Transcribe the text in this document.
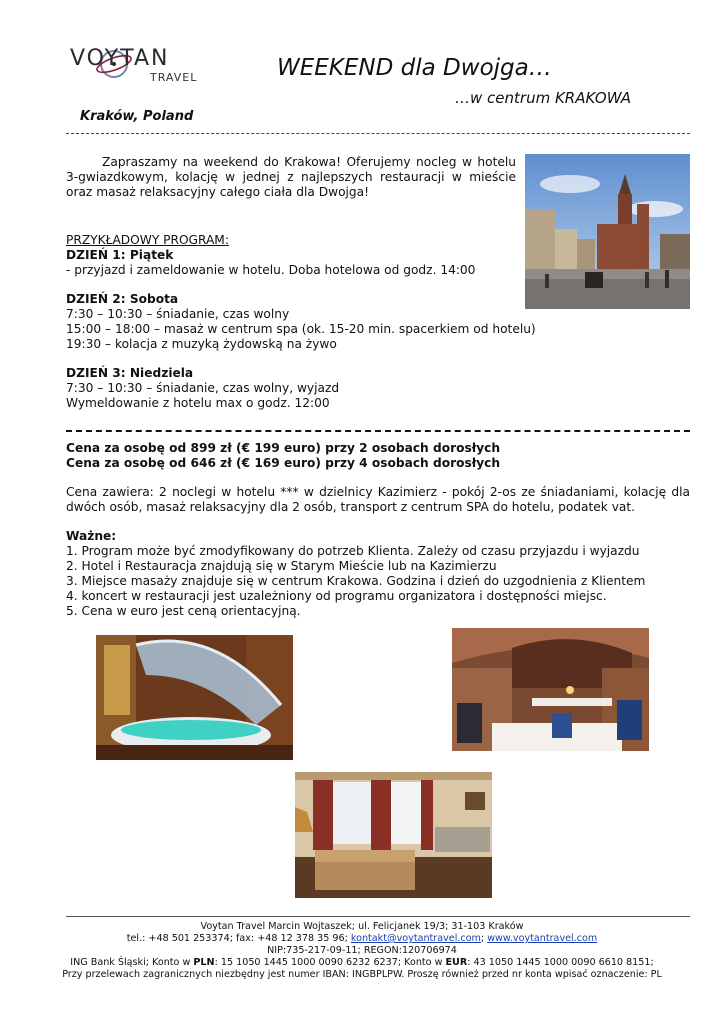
VOYTAN
TRAVEL	WEEKEND dla Dwojga…
…w centrum KRAKOWA
Kraków, Poland
Zapraszamy na weekend do Krakowa! Oferujemy nocleg w hotelu 3-gwiazdkowym, kolację w jednej z najlepszych restauracji w mieście oraz masaż relaksacyjny całego ciała dla Dwojga!
PRZYKŁADOWY PROGRAM:
DZIEŃ 1: Piątek
- przyjazd i zameldowanie w hotelu. Doba hotelowa od godz. 14:00
DZIEŃ 2: Sobota
7:30 – 10:30 – śniadanie, czas wolny
15:00 – 18:00 – masaż w centrum spa (ok. 15-20 min. spacerkiem od hotelu)
19:30 – kolacja z muzyką żydowską na żywo
DZIEŃ 3: Niedziela
7:30 – 10:30 – śniadanie, czas wolny, wyjazd
Wymeldowanie z hotelu max o godz. 12:00
Cena za osobę od 899 zł (€ 199 euro) przy 2 osobach dorosłych
Cena za osobę od 646 zł (€ 169 euro) przy 4 osobach dorosłych
Cena zawiera: 2 noclegi w hotelu *** w dzielnicy Kazimierz - pokój 2-os ze śniadaniami, kolację dla dwóch osób, masaż relaksacyjny dla 2 osób, transport z centrum SPA do hotelu, podatek vat.
Ważne:
1. Program może być zmodyfikowany do potrzeb Klienta. Zależy od czasu przyjazdu i wyjazdu
2. Hotel i Restauracja znajdują się w Starym Mieście lub na Kazimierzu
3. Miejsce masaży znajduje się w centrum Krakowa. Godzina i dzień do uzgodnienia z Klientem
4. koncert w restauracji jest uzależniony od programu organizatora i dostępności miejsc.
5. Cena w euro jest ceną orientacyjną.
Voytan Travel Marcin Wojtaszek; ul. Felicjanek 19/3; 31-103 Kraków
tel.: +48 501 253374; fax: +48 12 378 35 96; kontakt@voytantravel.com; www.voytantravel.com
NIP:735-217-09-11; REGON:120706974
ING Bank Śląski; Konto w PLN: 15 1050 1445 1000 0090 6232 6237; Konto w EUR: 43 1050 1445 1000 0090 6610 8151;
Przy przelewach zagranicznych niezbędny jest numer IBAN: INGBPLPW. Proszę również przed nr konta wpisać oznaczenie: PL
